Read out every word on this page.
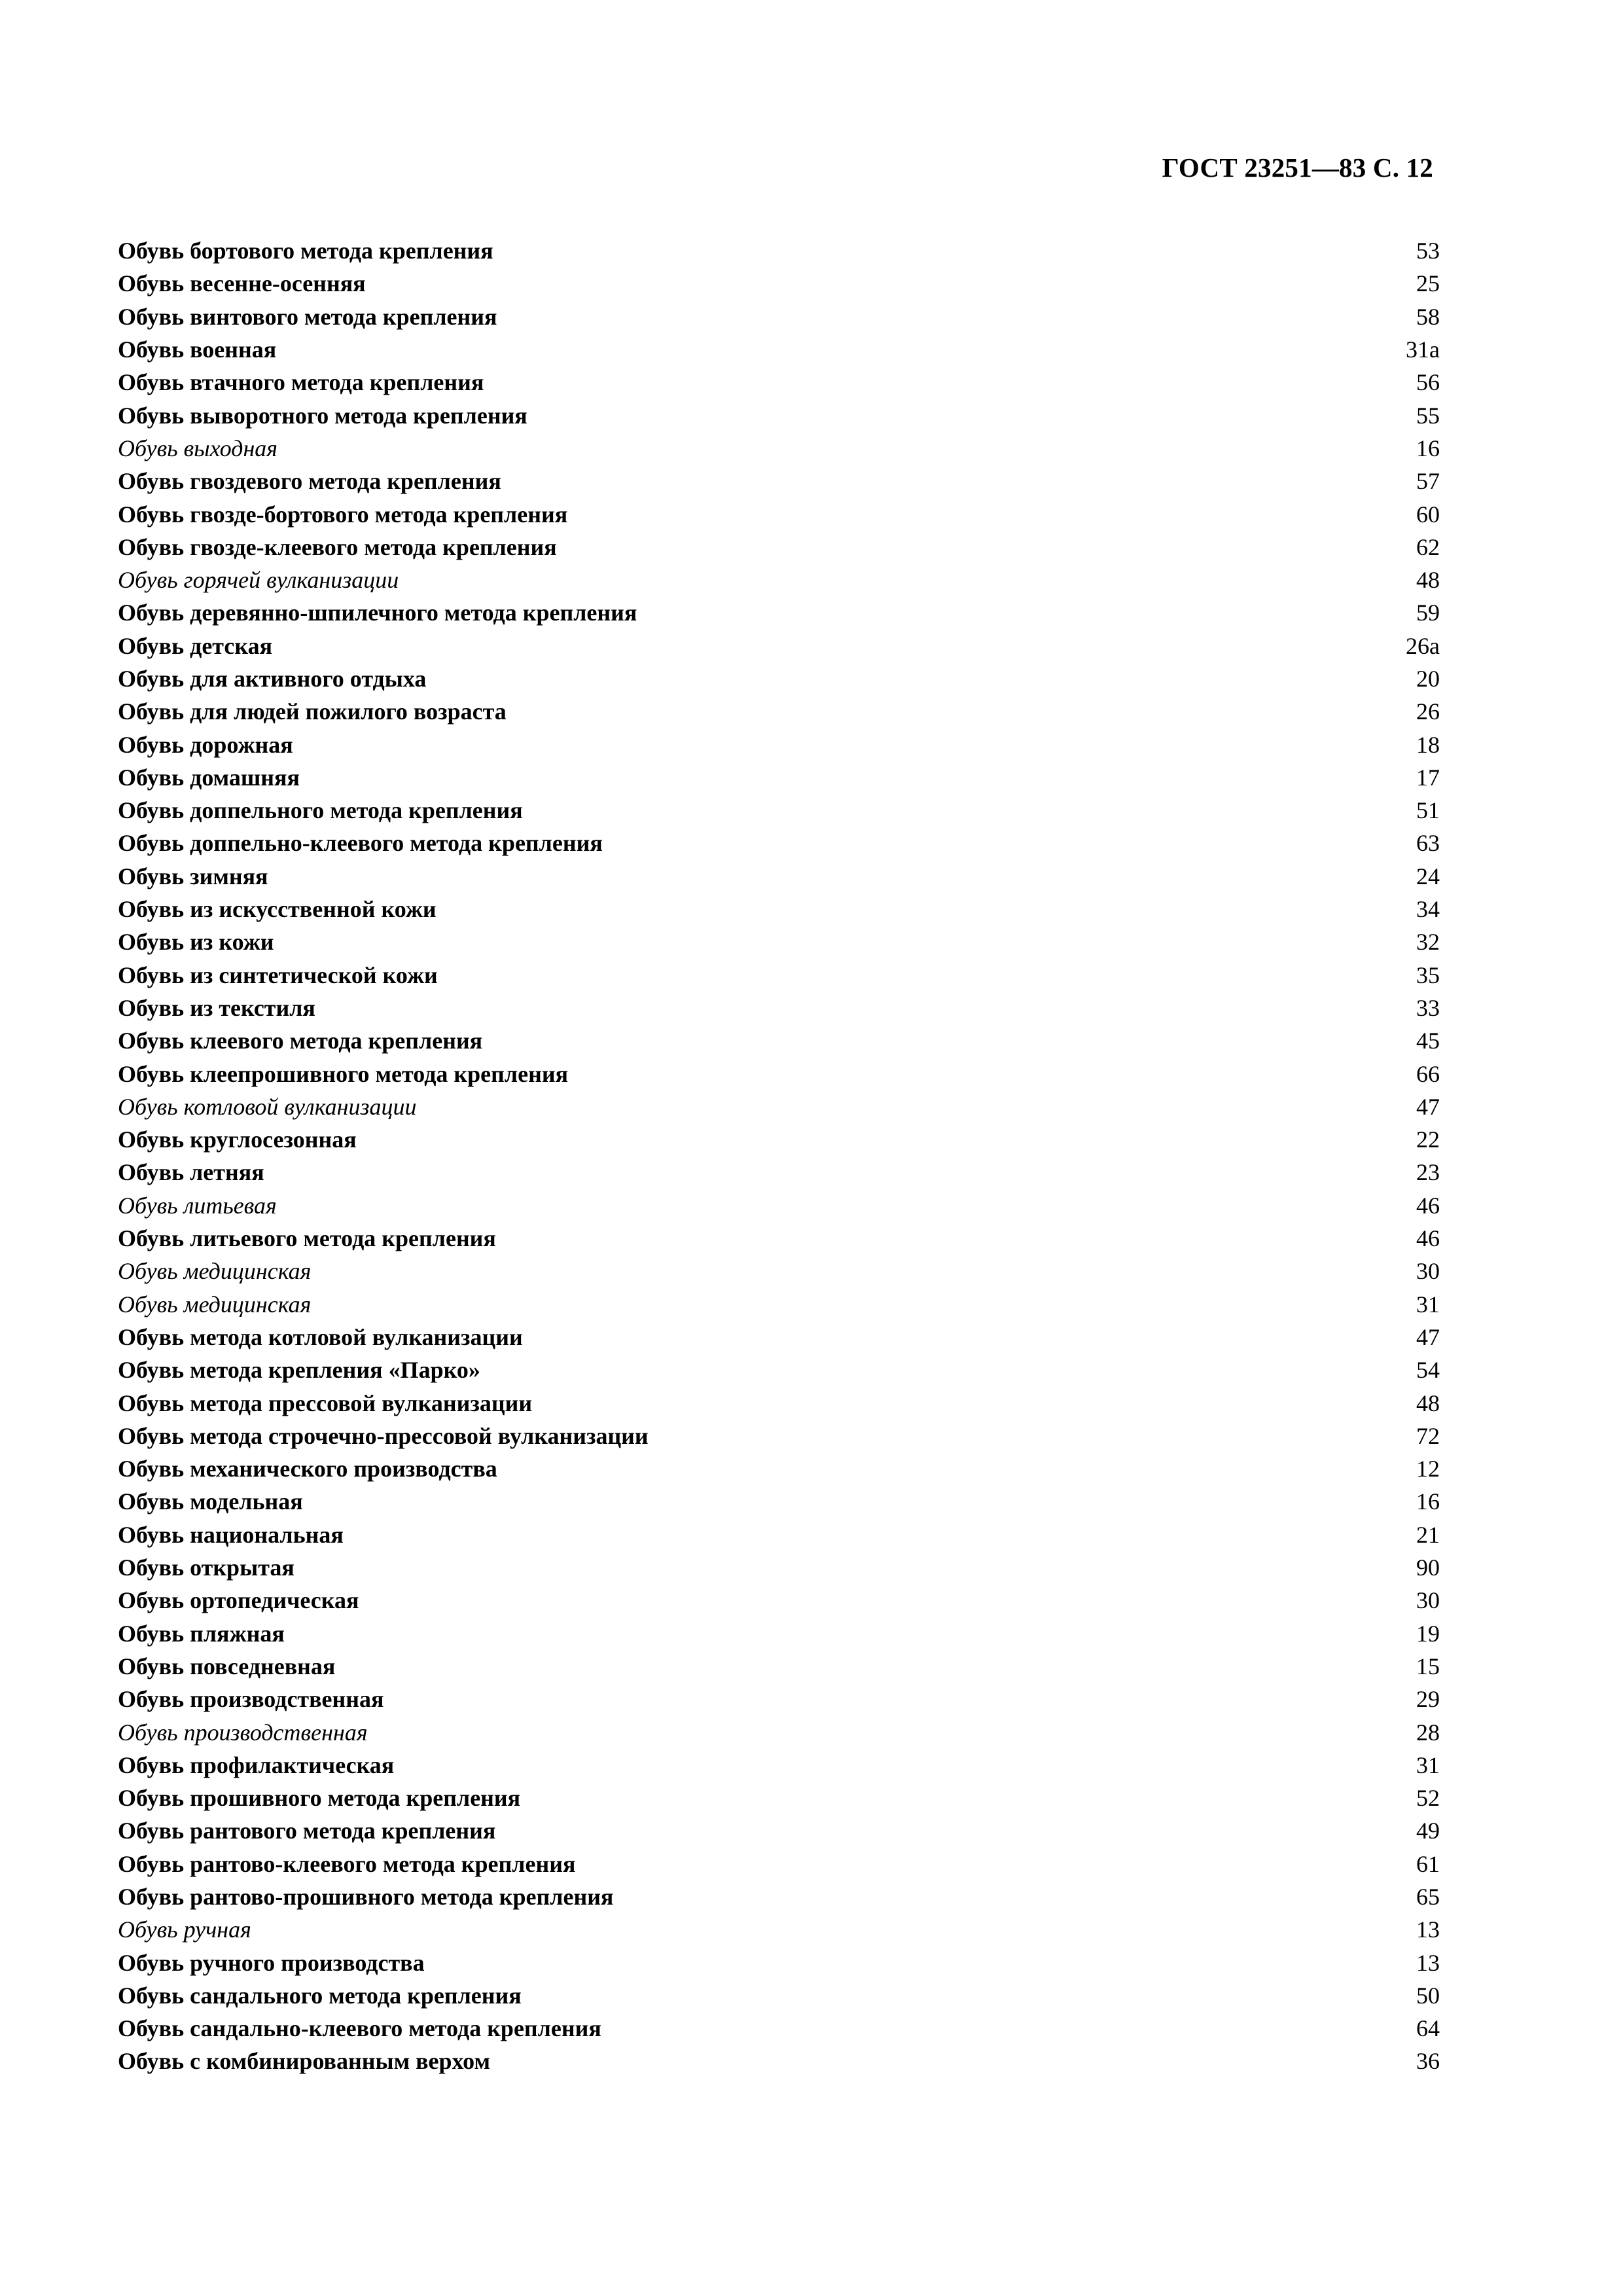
ГОСТ 23251—83 С. 12
Обувь бортового метода крепления	53
Обувь весенне-осенняя	25
Обувь винтового метода крепления	58
Обувь военная	31а
Обувь втачного метода крепления	56
Обувь выворотного метода крепления	55
Обувь выходная	16
Обувь гвоздевого метода крепления	57
Обувь гвозде-бортового метода крепления	60
Обувь гвозде-клеевого метода крепления	62
Обувь горячей вулканизации	48
Обувь деревянно-шпилечного метода крепления	59
Обувь детская	26а
Обувь для активного отдыха	20
Обувь для людей пожилого возраста	26
Обувь дорожная	18
Обувь домашняя	17
Обувь доппельного метода крепления	51
Обувь доппельно-клеевого метода крепления	63
Обувь зимняя	24
Обувь из искусственной кожи	34
Обувь из кожи	32
Обувь из синтетической кожи	35
Обувь из текстиля	33
Обувь клеевого метода крепления	45
Обувь клеепрошивного метода крепления	66
Обувь котловой вулканизации	47
Обувь круглосезонная	22
Обувь летняя	23
Обувь литьевая	46
Обувь литьевого метода крепления	46
Обувь медицинская	30
Обувь медицинская	31
Обувь метода котловой вулканизации	47
Обувь метода крепления «Парко»	54
Обувь метода прессовой вулканизации	48
Обувь метода строчечно-прессовой вулканизации	72
Обувь механического производства	12
Обувь модельная	16
Обувь национальная	21
Обувь открытая	90
Обувь ортопедическая	30
Обувь пляжная	19
Обувь повседневная	15
Обувь производственная	29
Обувь производственная	28
Обувь профилактическая	31
Обувь прошивного метода крепления	52
Обувь рантового метода крепления	49
Обувь рантово-клеевого метода крепления	61
Обувь рантово-прошивного метода крепления	65
Обувь ручная	13
Обувь ручного производства	13
Обувь сандального метода крепления	50
Обувь сандально-клеевого метода крепления	64
Обувь с комбинированным верхом	36
